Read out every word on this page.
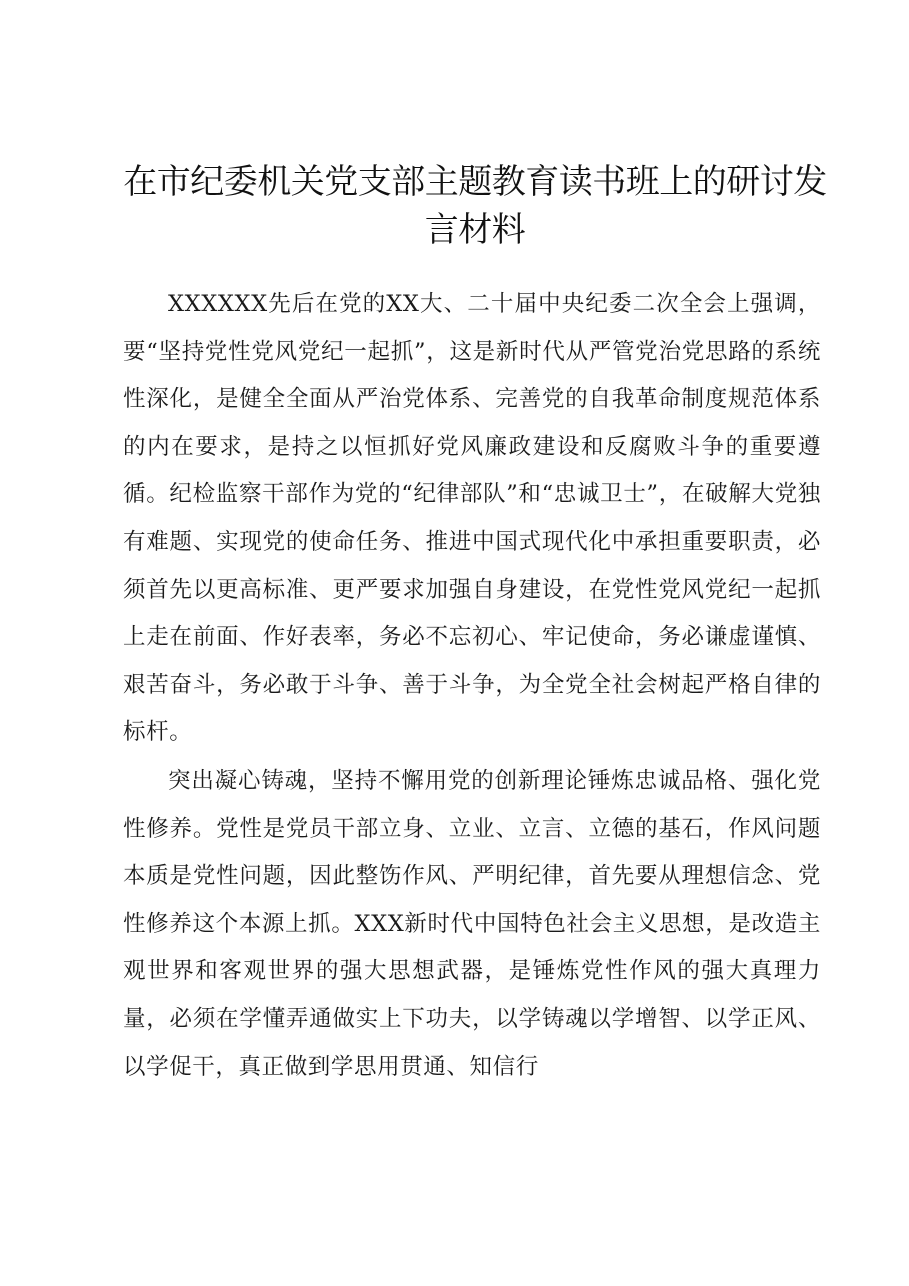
在市纪委机关党支部主题教育读书班上的研讨发言材料

XXXXXX先后在党的XX大、二十届中央纪委二次全会上强调，要“坚持党性党风党纪一起抓”，这是新时代从严管党治党思路的系统性深化，是健全全面从严治党体系、完善党的自我革命制度规范体系的内在要求，是持之以恒抓好党风廉政建设和反腐败斗争的重要遵循。纪检监察干部作为党的“纪律部队”和“忠诚卫士”，在破解大党独有难题、实现党的使命任务、推进中国式现代化中承担重要职责，必须首先以更高标准、更严要求加强自身建设，在党性党风党纪一起抓上走在前面、作好表率，务必不忘初心、牢记使命，务必谦虚谨慎、艰苦奋斗，务必敢于斗争、善于斗争，为全党全社会树起严格自律的标杆。

突出凝心铸魂，坚持不懈用党的创新理论锤炼忠诚品格、强化党性修养。党性是党员干部立身、立业、立言、立德的基石，作风问题本质是党性问题，因此整饬作风、严明纪律，首先要从理想信念、党性修养这个本源上抓。XXX新时代中国特色社会主义思想，是改造主观世界和客观世界的强大思想武器，是锤炼党性作风的强大真理力量，必须在学懂弄通做实上下功夫，以学铸魂以学增智、以学正风、以学促干，真正做到学思用贯通、知信行
